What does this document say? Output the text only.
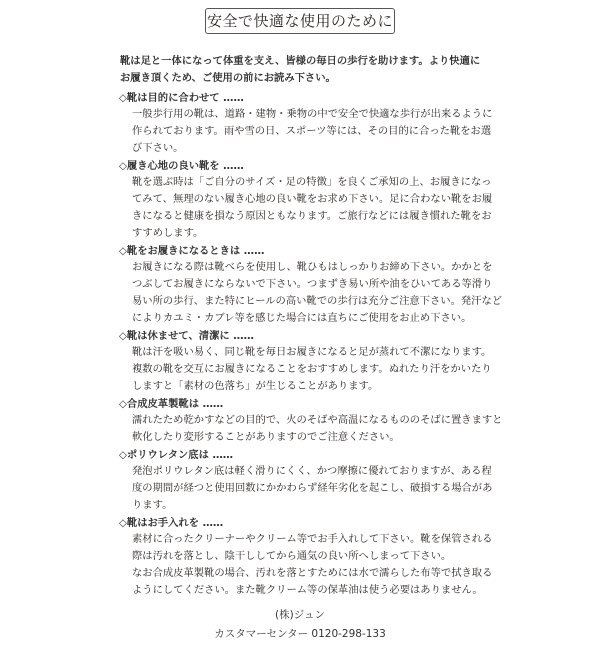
安全で快適な使用のために
靴は足と一体になって体重を支え、皆様の毎日の歩行を助けます。より快適に
お履き頂くため、ご使用の前にお読み下さい。
◇靴は目的に合わせて ……
一般歩行用の靴は、道路・建物・乗物の中で安全で快適な歩行が出来るように
作られております。雨や雪の日、スポーツ等には、その目的に合った靴をお選
び下さい。
◇履き心地の良い靴を ……
靴を選ぶ時は「ご自分のサイズ・足の特徴」を良くご承知の上、お履きになっ
てみて、無理のない履き心地の良い靴をお求め下さい。足に合わない靴をお履
きになると健康を損なう原因ともなります。ご旅行などには履き慣れた靴をお
すすめします。
◇靴をお履きになるときは ……
お履きになる際は靴べらを使用し、靴ひもはしっかりお締め下さい。かかとを
つぶしてお履きにならないで下さい。つまずき易い所や油をひいてある等滑り
易い所の歩行、また特にヒールの高い靴での歩行は充分ご注意下さい。発汗など
によりカユミ・カブレ等を感じた場合には直ちにご使用をお止め下さい。
◇靴は休ませて、清潔に ……
靴は汗を吸い易く、同じ靴を毎日お履きになると足が蒸れて不潔になります。
複数の靴を交互にお履きになることをおすすめします。ぬれたり汗をかいたり
しますと「素材の色落ち」が生じることがあります。
◇合成皮革製靴は ……
濡れたため乾かすなどの目的で、火のそばや高温になるもののそばに置きますと
軟化したり変形することがありますのでご注意ください。
◇ポリウレタン底は ……
発泡ポリウレタン底は軽く滑りにくく、かつ摩擦に優れておりますが、ある程
度の期間が経つと使用回数にかかわらず経年劣化を起こし、破損する場合があ
ります。
◇靴はお手入れを ……
素材に合ったクリーナーやクリーム等でお手入れして下さい。靴を保管される
際は汚れを落とし、陰干ししてから通気の良い所へしまって下さい。
なお合成皮革製靴の場合、汚れを落とすためには水で濡らした布等で拭き取る
ようにしてください。また靴クリーム等の保革油は使う必要はありません。
(株)ジュン
カスタマーセンター 0120-298-133
